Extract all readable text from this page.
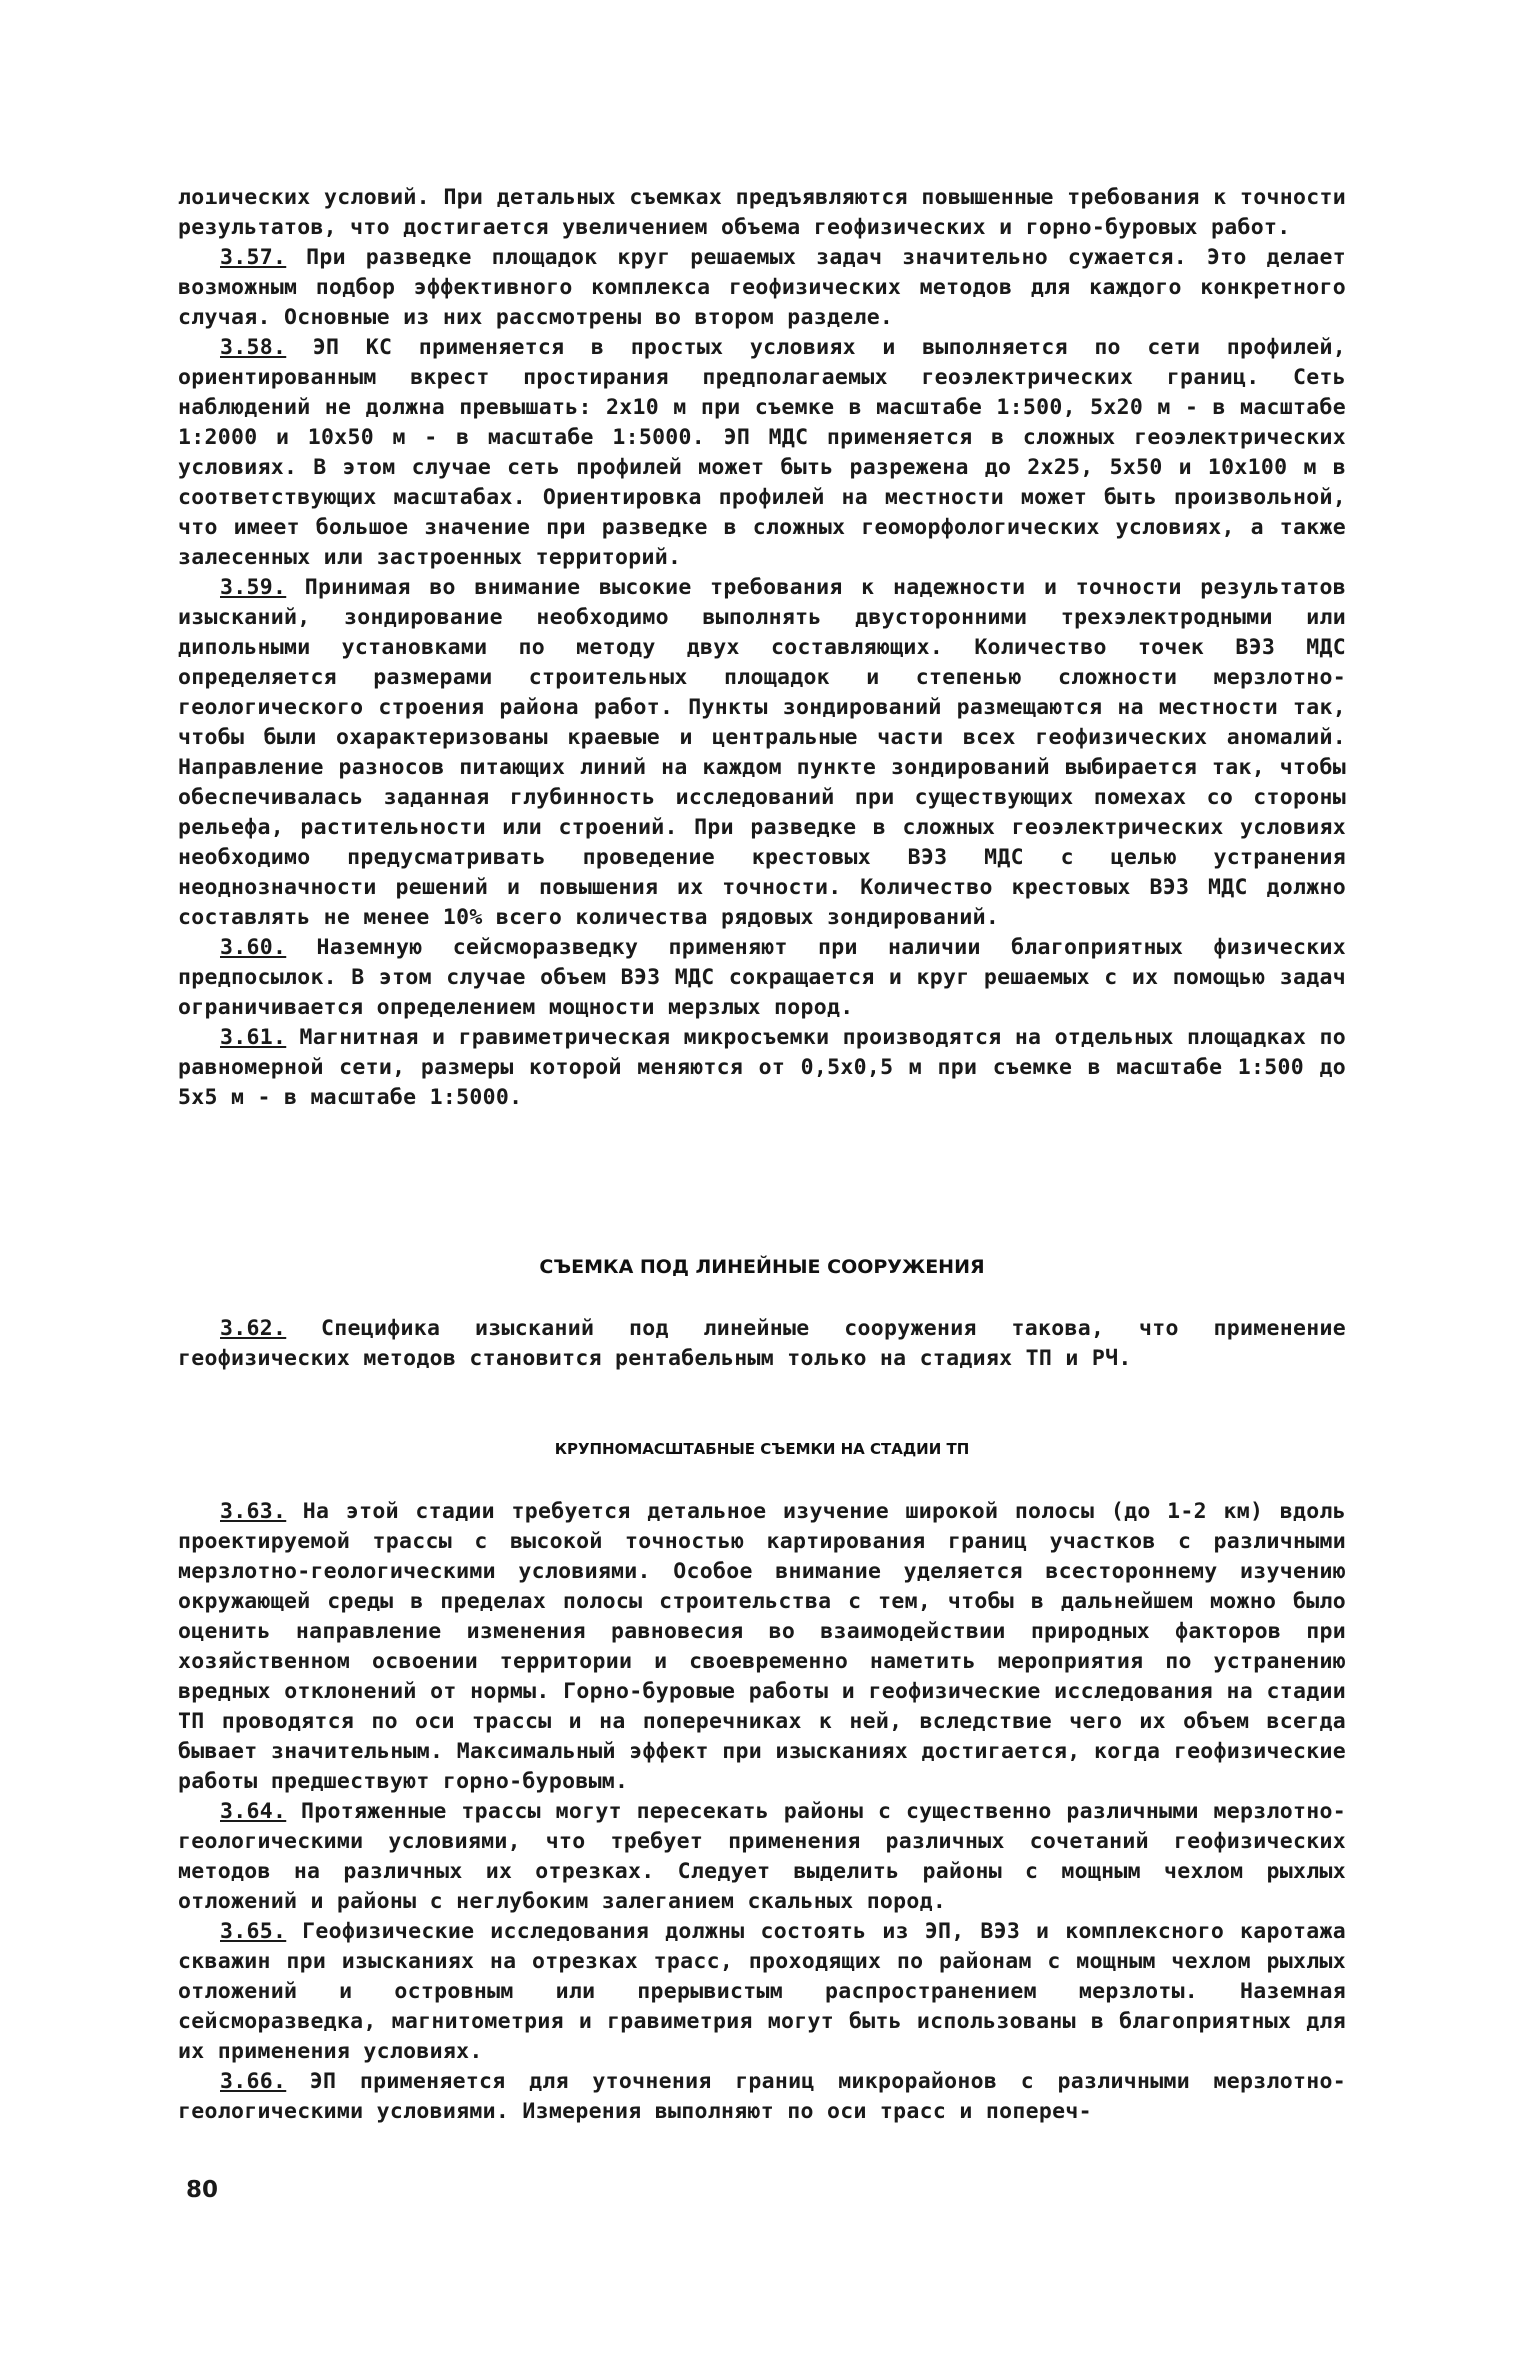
лoıических условий. При детальных съемках предъявляются повышенные требования к точности результатов, что достигается увеличением объема геофизических и горно-буровых работ.

3.57. При разведке площадок круг решаемых задач значительно сужается. Это делает возможным подбор эффективного комплекса геофизических методов для каждого конкретного случая. Основные из них рассмотрены во втором разделе.

3.58. ЭП КС применяется в простых условиях и выполняется по сети профилей, ориентированным вкрест простирания предполагаемых геоэлектрических границ. Сеть наблюдений не должна превышать: 2x10 м при съемке в масштабе 1:500, 5x20 м - в масштабе 1:2000 и 10x50 м - в масштабе 1:5000. ЭП МДС применяется в сложных геоэлектрических условиях. В этом случае сеть профилей может быть разрежена до 2x25, 5x50 и 10x100 м в соответствующих масштабах. Ориентировка профилей на местности может быть произвольной, что имеет большое значение при разведке в сложных геоморфологических условиях, а также залесенных или застроенных территорий.

3.59. Принимая во внимание высокие требования к надежности и точности результатов изысканий, зондирование необходимо выполнять двусторонними трехэлектродными или дипольными установками по методу двух составляющих. Количество точек ВЭЗ МДС определяется размерами строительных площадок и степенью сложности мерзлотно-геологического строения района работ. Пункты зондирований размещаются на местности так, чтобы были охарактеризованы краевые и центральные части всех геофизических аномалий. Направление разносов питающих линий на каждом пункте зондирований выбирается так, чтобы обеспечивалась заданная глубинность исследований при существующих помехах со стороны рельефа, растительности или строений. При разведке в сложных геоэлектрических условиях необходимо предусматривать проведение крестовых ВЭЗ МДС с целью устранения неоднозначности решений и повышения их точности. Количество крестовых ВЭЗ МДС должно составлять не менее 10% всего количества рядовых зондирований.

3.60. Наземную сейсморазведку применяют при наличии благоприятных физических предпосылок. В этом случае объем ВЭЗ МДС сокращается и круг решаемых с их помощью задач ограничивается определением мощности мерзлых пород.

3.61. Магнитная и гравиметрическая микросъемки производятся на отдельных площадках по равномерной сети, размеры которой меняются от 0,5x0,5 м при съемке в масштабе 1:500 до 5x5 м - в масштабе 1:5000.

СЪЕМКА ПОД ЛИНЕЙНЫЕ СООРУЖЕНИЯ

3.62. Специфика изысканий под линейные сооружения такова, что применение геофизических методов становится рентабельным только на стадиях ТП и РЧ.

КРУПНОМАСШТАБНЫЕ СЪЕМКИ НА СТАДИИ ТП

3.63. На этой стадии требуется детальное изучение широкой полосы (до 1-2 км) вдоль проектируемой трассы с высокой точностью картирования границ участков с различными мерзлотно-геологическими условиями. Особое внимание уделяется всестороннему изучению окружающей среды в пределах полосы строительства с тем, чтобы в дальнейшем можно было оценить направление изменения равновесия во взаимодействии природных факторов при хозяйственном освоении территории и своевременно наметить мероприятия по устранению вредных отклонений от нормы. Горно-буровые работы и геофизические исследования на стадии ТП проводятся по оси трассы и на поперечниках к ней, вследствие чего их объем всегда бывает значительным. Максимальный эффект при изысканиях достигается, когда геофизические работы предшествуют горно-буровым.

3.64. Протяженные трассы могут пересекать районы с существенно различными мерзлотно-геологическими условиями, что требует применения различных сочетаний геофизических методов на различных их отрезках. Следует выделить районы с мощным чехлом рыхлых отложений и районы с неглубоким залеганием скальных пород.

3.65. Геофизические исследования должны состоять из ЭП, ВЭЗ и комплексного каротажа скважин при изысканиях на отрезках трасс, проходящих по районам с мощным чехлом рыхлых отложений и островным или прерывистым распространением мерзлоты. Наземная сейсморазведка, магнитометрия и гравиметрия могут быть использованы в благоприятных для их применения условиях.

3.66. ЭП применяется для уточнения границ микрорайонов с различными мерзлотно-геологическими условиями. Измерения выполняют по оси трасс и попереч-

80
